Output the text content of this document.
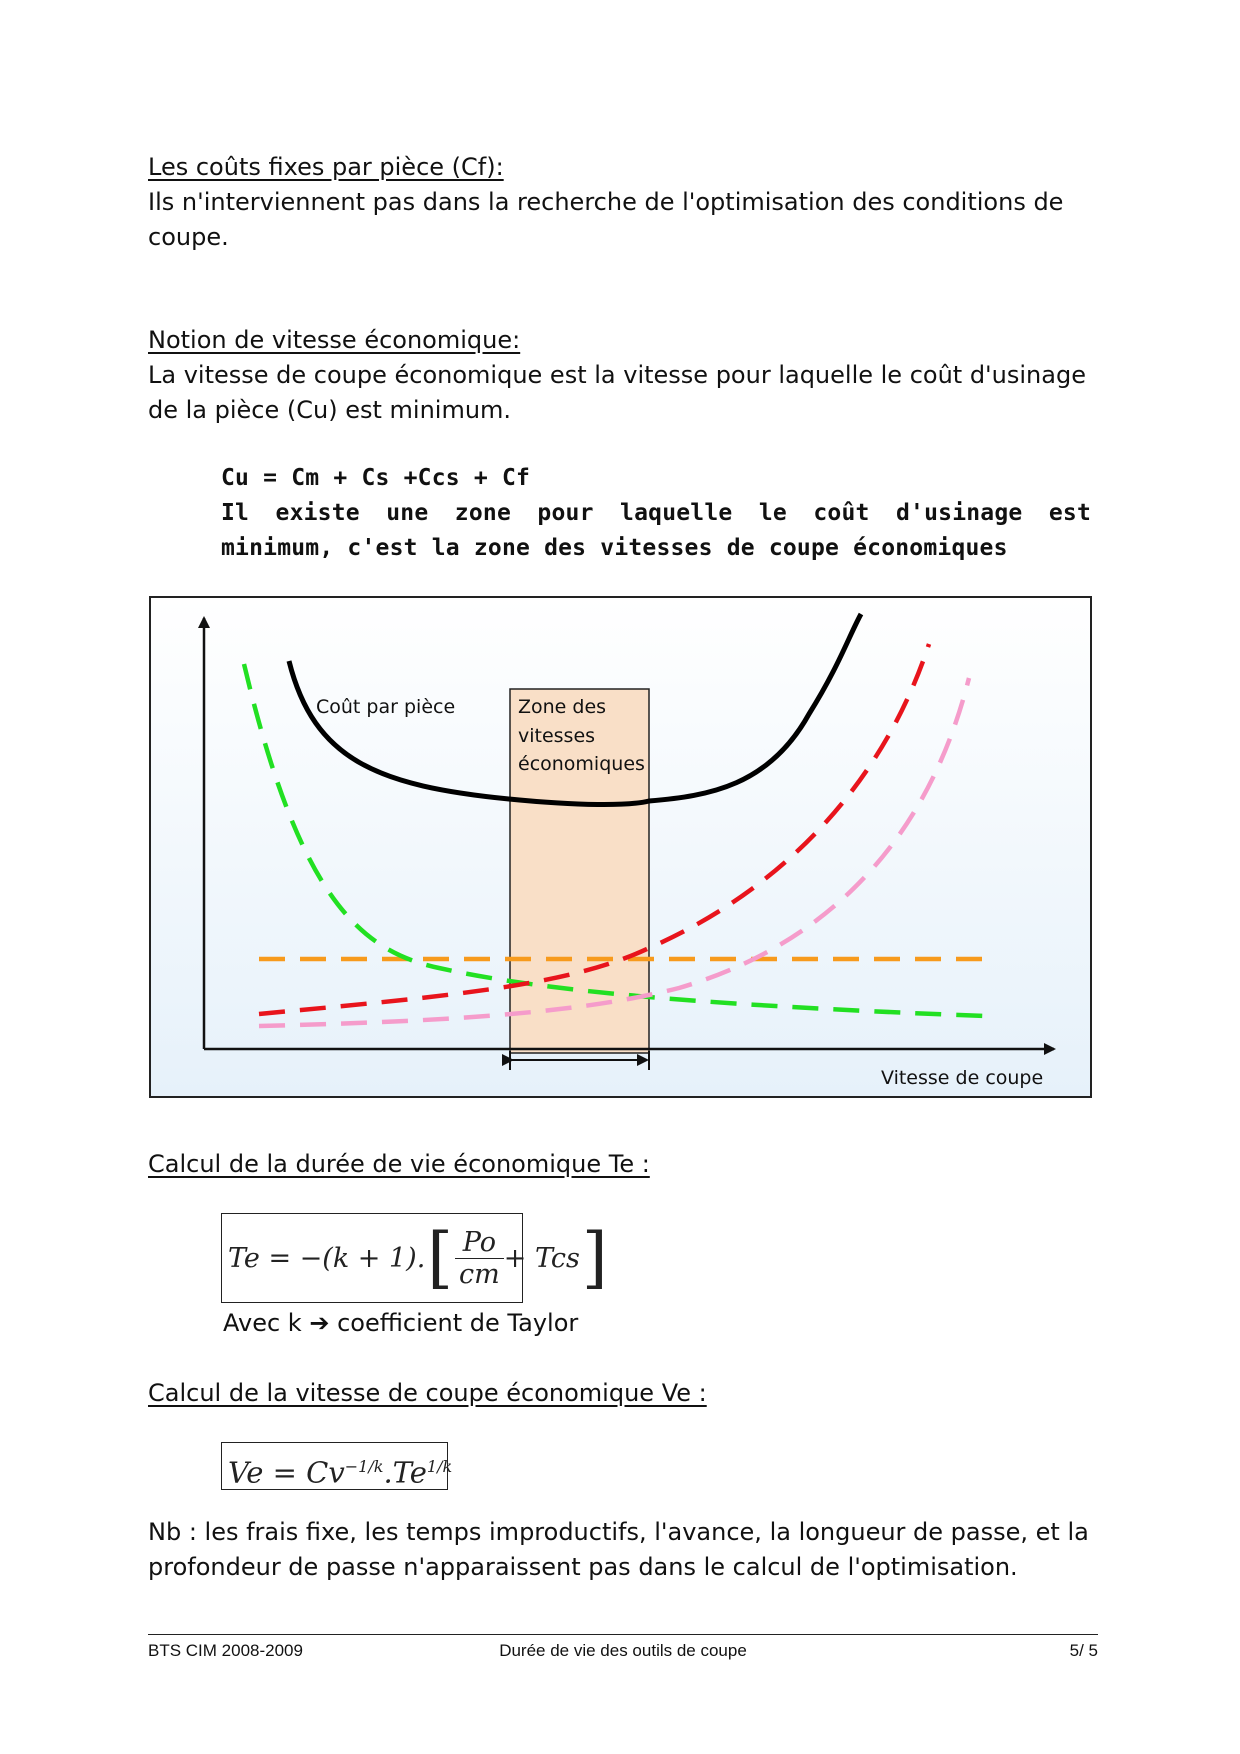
Les coûts fixes par pièce (Cf):

Ils n'interviennent pas dans la recherche de l'optimisation des conditions de coupe.

Notion de vitesse économique:

La vitesse de coupe économique est la vitesse pour laquelle le coût d'usinage de la pièce (Cu) est minimum.

Cu = Cm + Cs +Ccs + Cf

Il existe une zone pour laquelle le coût d'usinage est minimum, c'est la zone des vitesses de coupe économiques

Coût par pièce	Zone des
vitesses
économiques
Vitesse de coupe

Calcul de la durée de vie économique Te :

Te = −(k + 1). [ $\frac{Po}{cm}$ + Tcs ]

Avec k ➔ coefficient de Taylor

Calcul de la vitesse de coupe économique Ve :

$Ve = Cv^{-1/k}.Te^{1/k}$

Nb : les frais fixe, les temps improductifs, l'avance, la longueur de passe, et la profondeur de passe n'apparaissent pas dans le calcul de l'optimisation.

BTS CIM 2008-2009	Durée de vie des outils de coupe	5/ 5
